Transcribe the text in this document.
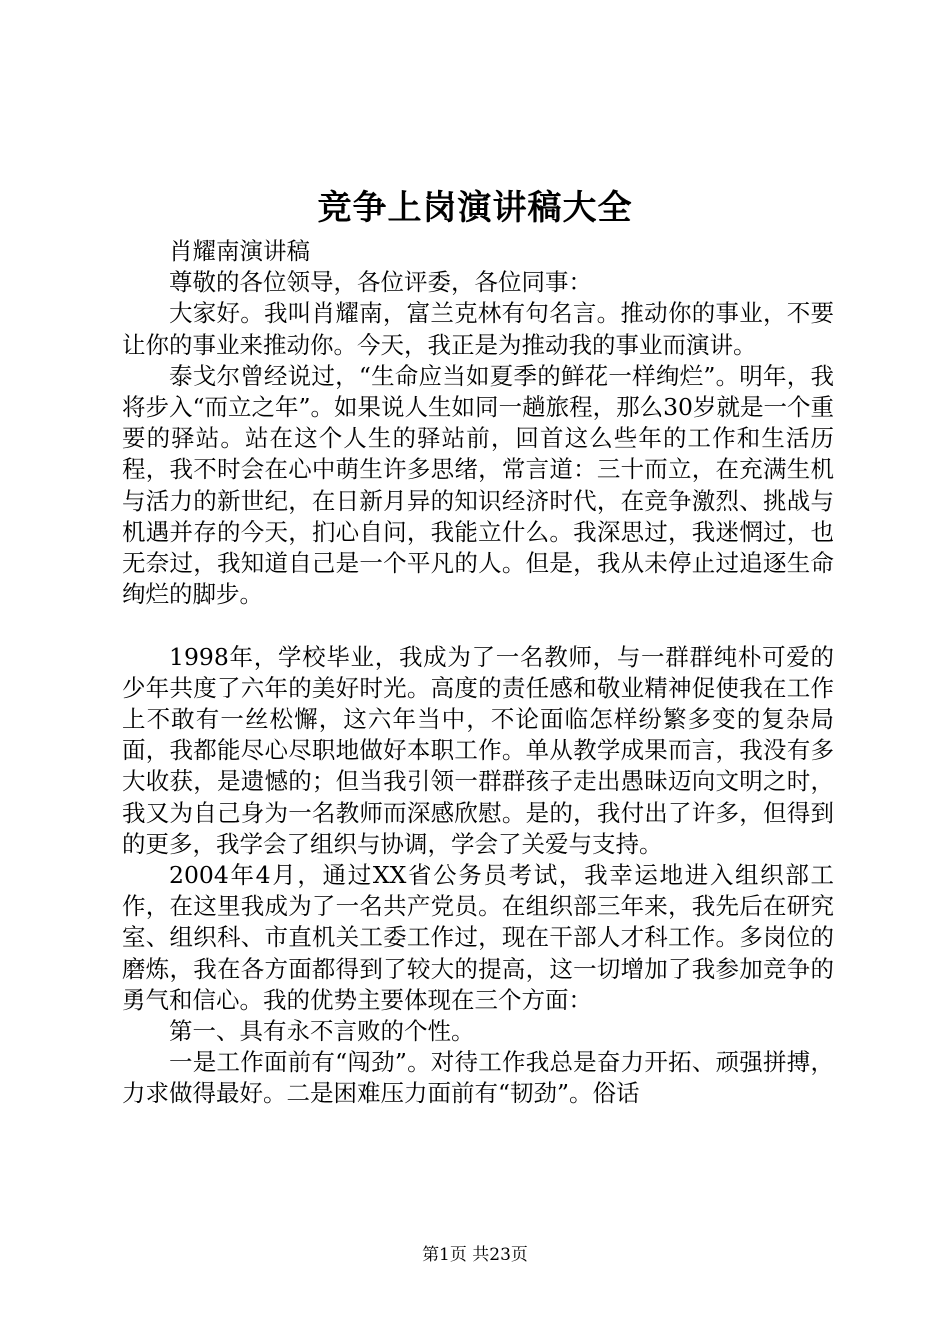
竞争上岗演讲稿大全

肖耀南演讲稿

尊敬的各位领导，各位评委，各位同事：

大家好。我叫肖耀南，富兰克林有句名言。推动你的事业，不要让你的事业来推动你。今天，我正是为推动我的事业而演讲。

泰戈尔曾经说过，“生命应当如夏季的鲜花一样绚烂”。明年，我将步入“而立之年”。如果说人生如同一趟旅程，那么30岁就是一个重要的驿站。站在这个人生的驿站前，回首这么些年的工作和生活历程，我不时会在心中萌生许多思绪，常言道：三十而立，在充满生机与活力的新世纪，在日新月异的知识经济时代，在竞争激烈、挑战与机遇并存的今天，扪心自问，我能立什么。我深思过，我迷惘过，也无奈过，我知道自己是一个平凡的人。但是，我从未停止过追逐生命绚烂的脚步。

1998年，学校毕业，我成为了一名教师，与一群群纯朴可爱的少年共度了六年的美好时光。高度的责任感和敬业精神促使我在工作上不敢有一丝松懈，这六年当中，不论面临怎样纷繁多变的复杂局面，我都能尽心尽职地做好本职工作。单从教学成果而言，我没有多大收获，是遗憾的；但当我引领一群群孩子走出愚昧迈向文明之时，我又为自己身为一名教师而深感欣慰。是的，我付出了许多，但得到的更多，我学会了组织与协调，学会了关爱与支持。

2004年4月，通过XX省公务员考试，我幸运地进入组织部工作，在这里我成为了一名共产党员。在组织部三年来，我先后在研究室、组织科、市直机关工委工作过，现在干部人才科工作。多岗位的磨炼，我在各方面都得到了较大的提高，这一切增加了我参加竞争的勇气和信心。我的优势主要体现在三个方面：

第一、具有永不言败的个性。

一是工作面前有“闯劲”。对待工作我总是奋力开拓、顽强拼搏，力求做得最好。二是困难压力面前有“韧劲”。俗话

第1页 共23页
